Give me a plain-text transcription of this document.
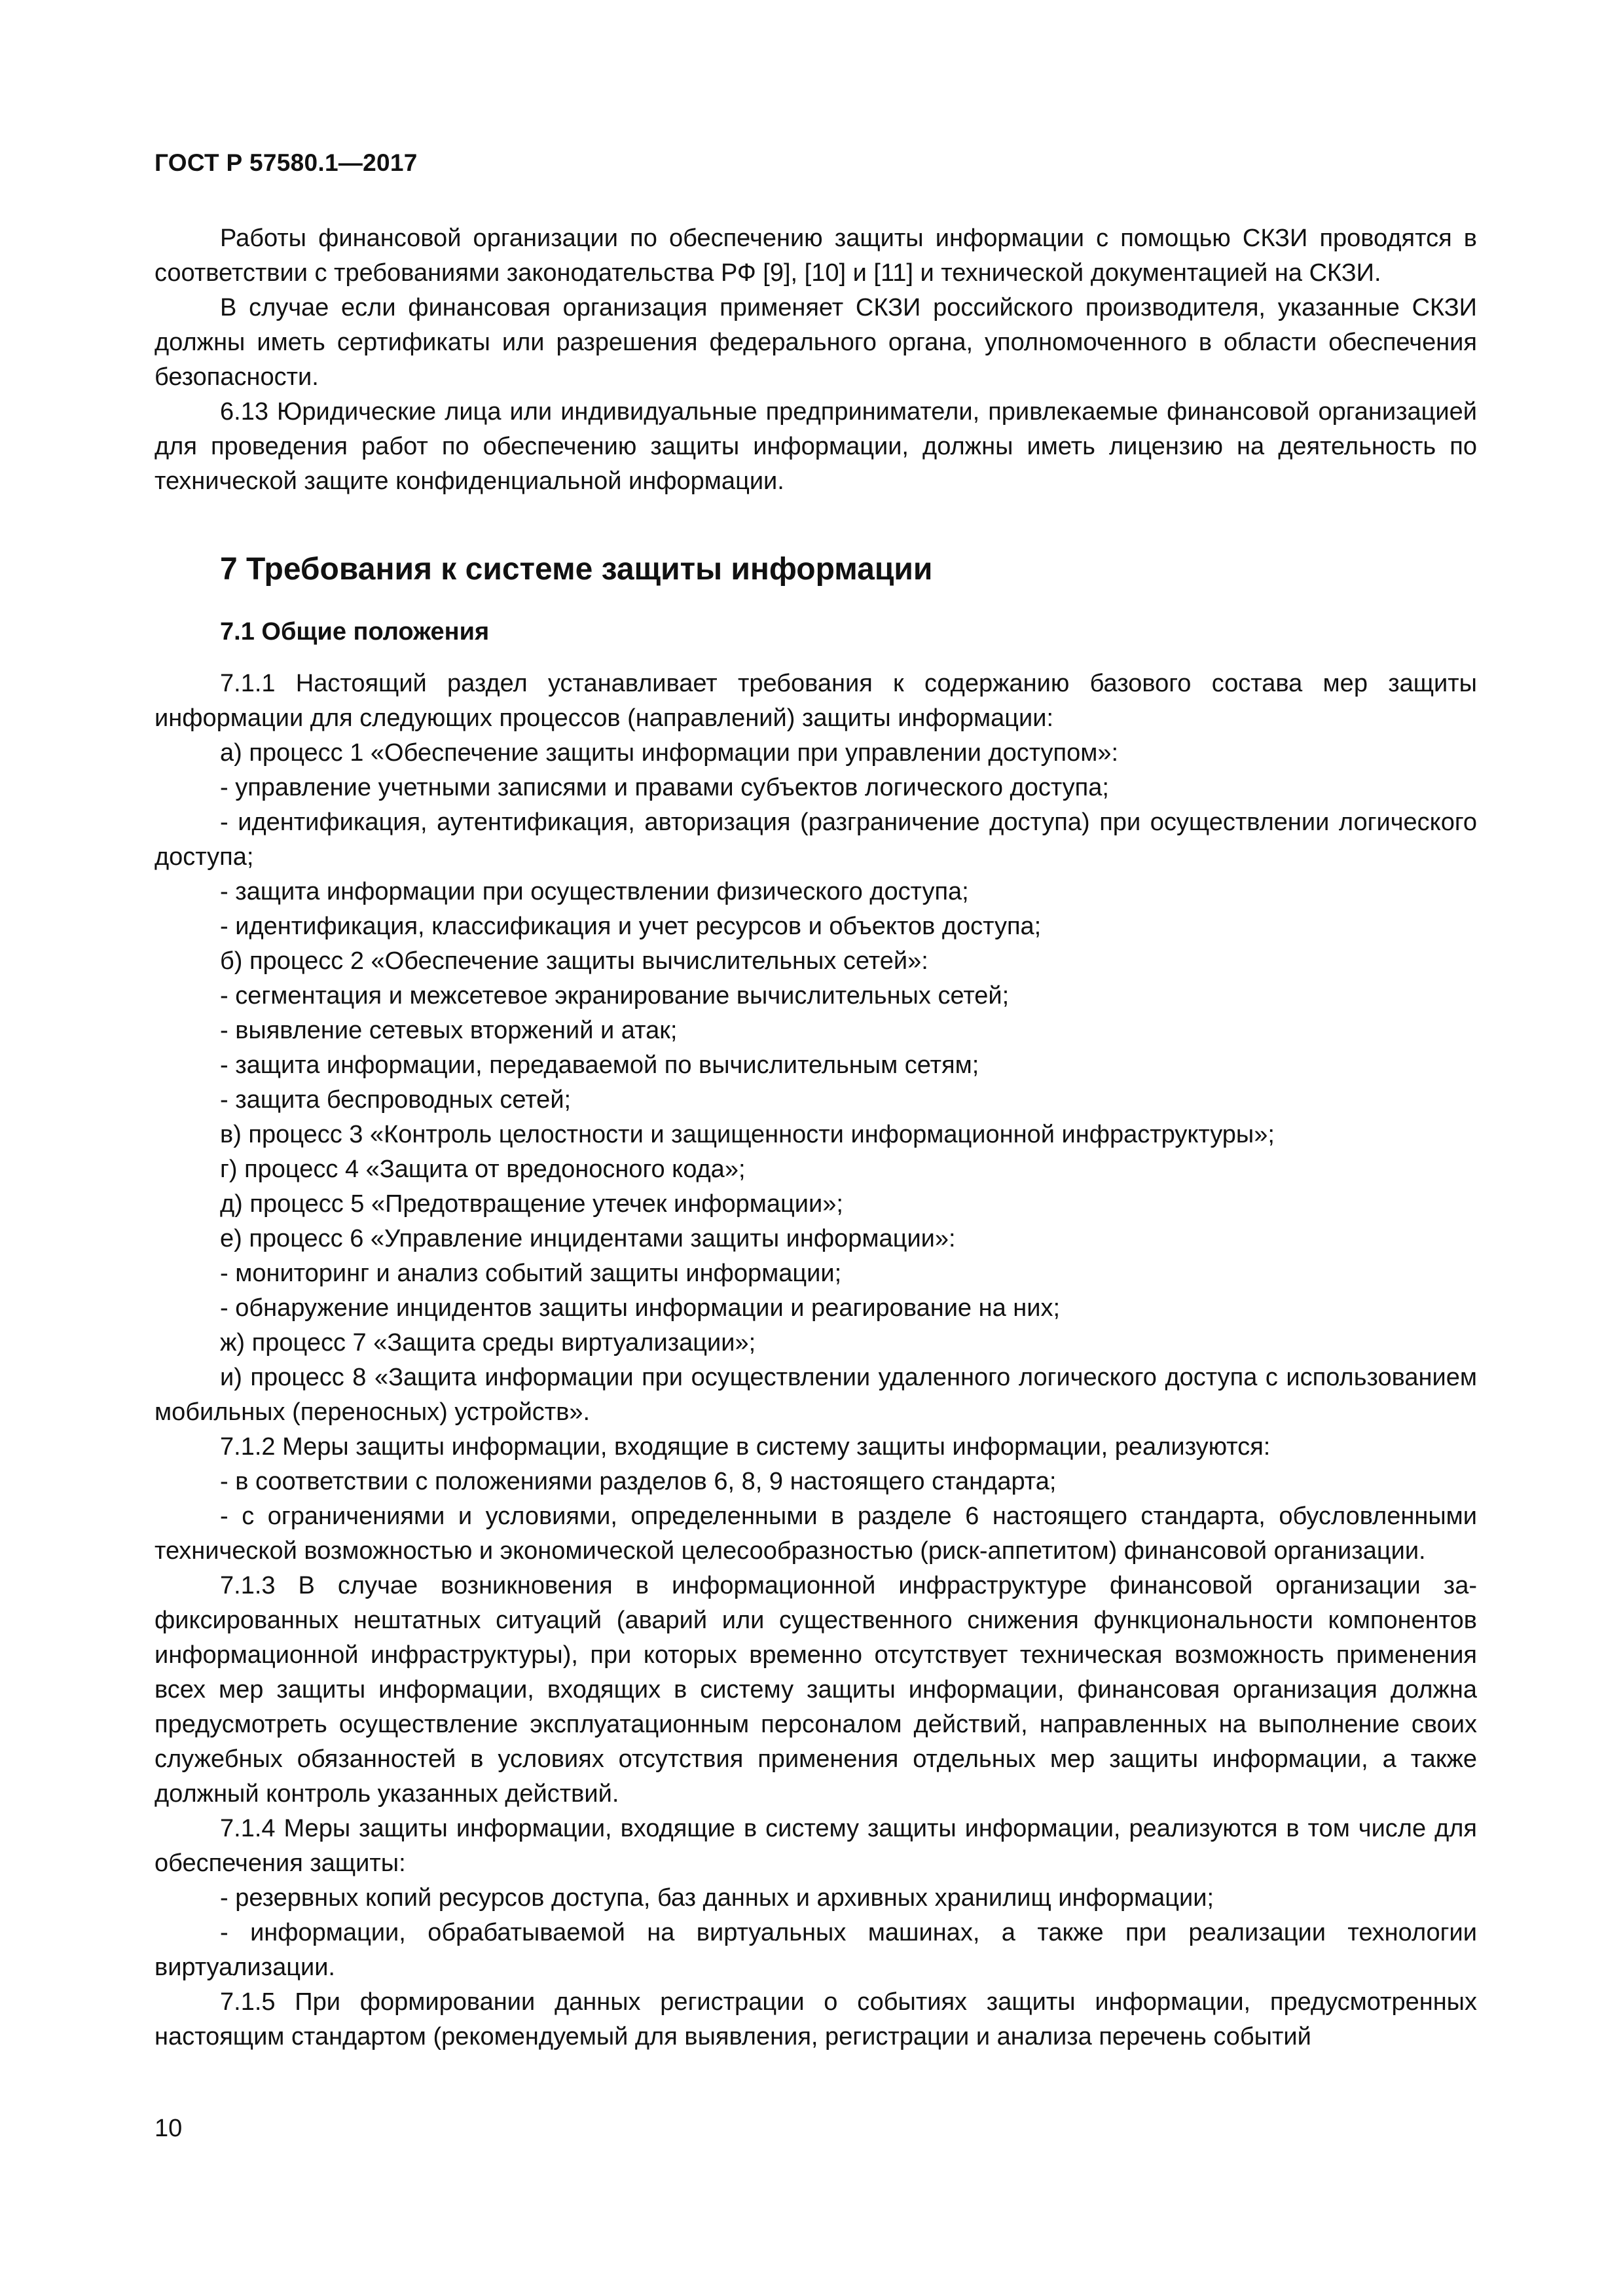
ГОСТ Р 57580.1—2017

Работы финансовой организации по обеспечению защиты информации с помощью СКЗИ проводятся в соответствии с требованиями законодательства РФ [9], [10] и [11] и технической документацией на СКЗИ.

В случае если финансовая организация применяет СКЗИ российского производителя, указанные СКЗИ должны иметь сертификаты или разрешения федерального органа, уполномоченного в области обеспечения безопасности.

6.13 Юридические лица или индивидуальные предприниматели, привлекаемые финансовой организацией для проведения работ по обеспечению защиты информации, должны иметь лицензию на деятельность по технической защите конфиденциальной информации.

7 Требования к системе защиты информации
7.1 Общие положения

7.1.1 Настоящий раздел устанавливает требования к содержанию базового состава мер защиты информации для следующих процессов (направлений) защиты информации:

а) процесс 1 «Обеспечение защиты информации при управлении доступом»:

- управление учетными записями и правами субъектов логического доступа;

- идентификация, аутентификация, авторизация (разграничение доступа) при осуществлении логического доступа;

- защита информации при осуществлении физического доступа;

- идентификация, классификация и учет ресурсов и объектов доступа;

б) процесс 2 «Обеспечение защиты вычислительных сетей»:

- сегментация и межсетевое экранирование вычислительных сетей;

- выявление сетевых вторжений и атак;

- защита информации, передаваемой по вычислительным сетям;

- защита беспроводных сетей;

в) процесс 3 «Контроль целостности и защищенности информационной инфраструктуры»;

г) процесс 4 «Защита от вредоносного кода»;

д) процесс 5 «Предотвращение утечек информации»;

е) процесс 6 «Управление инцидентами защиты информации»:

- мониторинг и анализ событий защиты информации;

- обнаружение инцидентов защиты информации и реагирование на них;

ж) процесс 7 «Защита среды виртуализации»;

и) процесс 8 «Защита информации при осуществлении удаленного логического доступа с использованием мобильных (переносных) устройств».

7.1.2 Меры защиты информации, входящие в систему защиты информации, реализуются:

- в соответствии с положениями разделов 6, 8, 9 настоящего стандарта;

- с ограничениями и условиями, определенными в разделе 6 настоящего стандарта, обусловленными технической возможностью и экономической целесообразностью (риск-аппетитом) финансовой организации.

7.1.3 В случае возникновения в информационной инфраструктуре финансовой организации зафиксированных нештатных ситуаций (аварий или существенного снижения функциональности компонентов информационной инфраструктуры), при которых временно отсутствует техническая возможность применения всех мер защиты информации, входящих в систему защиты информации, финансовая организация должна предусмотреть осуществление эксплуатационным персоналом действий, направленных на выполнение своих служебных обязанностей в условиях отсутствия применения отдельных мер защиты информации, а также должный контроль указанных действий.

7.1.4 Меры защиты информации, входящие в систему защиты информации, реализуются в том числе для обеспечения защиты:

- резервных копий ресурсов доступа, баз данных и архивных хранилищ информации;

- информации, обрабатываемой на виртуальных машинах, а также при реализации технологии виртуализации.

7.1.5 При формировании данных регистрации о событиях защиты информации, предусмотренных настоящим стандартом (рекомендуемый для выявления, регистрации и анализа перечень событий

10
